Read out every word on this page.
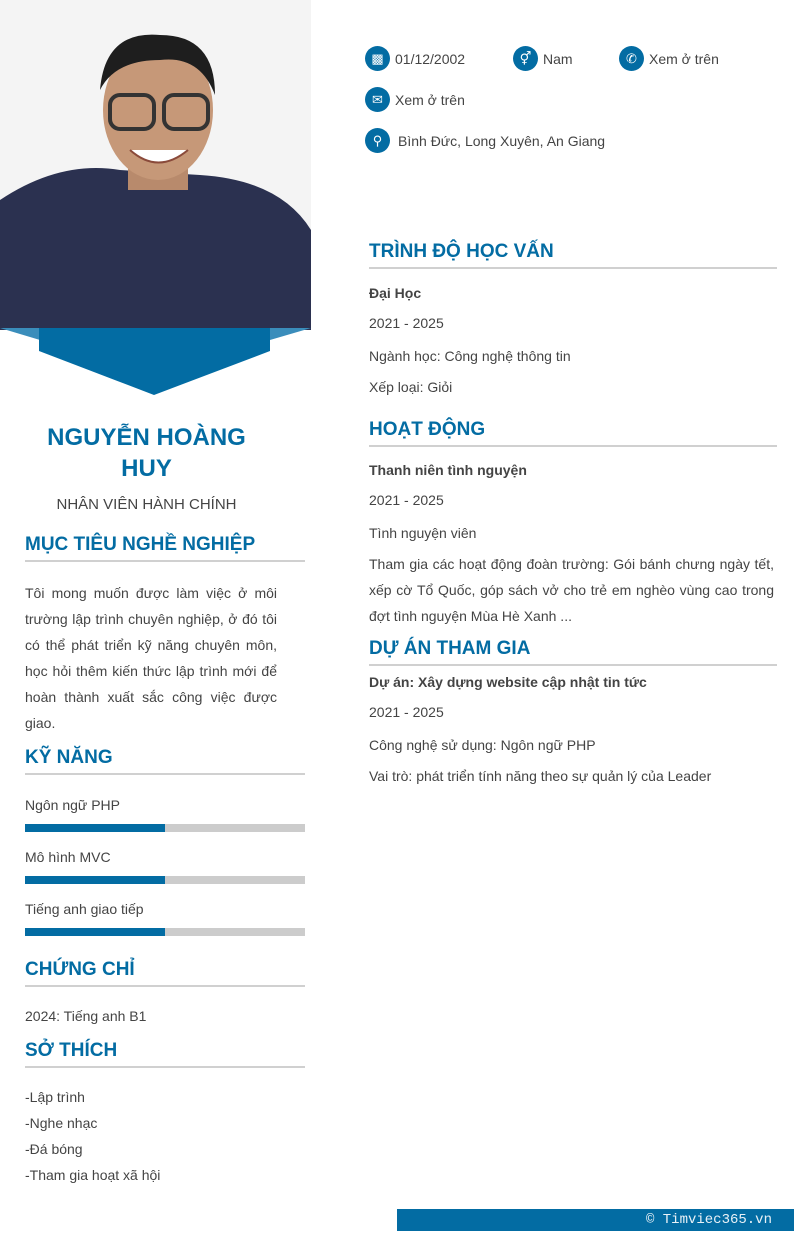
NGUYỄN HOÀNG HUY
NHÂN VIÊN HÀNH CHÍNH
MỤC TIÊU NGHỀ NGHIỆP
Tôi mong muốn được làm việc ở môi trường lập trình chuyên nghiệp, ở đó tôi có thể phát triển kỹ năng chuyên môn, học hỏi thêm kiến thức lập trình mới để hoàn thành xuất sắc công việc được giao.
KỸ NĂNG
Ngôn ngữ PHP
Mô hình MVC
Tiếng anh giao tiếp
CHỨNG CHỈ
2024: Tiếng anh B1
SỞ THÍCH
-Lập trình
-Nghe nhạc
-Đá bóng
-Tham gia hoạt xã hội
▩ 01/12/2002	⚥ Nam	✆ Xem ở trên
✉ Xem ở trên
⚲	Bình Đức, Long Xuyên, An Giang
TRÌNH ĐỘ HỌC VẤN
Đại Học
2021 - 2025
Ngành học: Công nghệ thông tin
Xếp loại: Giỏi
HOẠT ĐỘNG
Thanh niên tình nguyện
2021 - 2025
Tình nguyện viên
Tham gia các hoạt động đoàn trường: Gói bánh chưng ngày tết, xếp cờ Tổ Quốc, góp sách vở cho trẻ em nghèo vùng cao trong đợt tình nguyện Mùa Hè Xanh ...
DỰ ÁN THAM GIA
Dự án: Xây dựng website cập nhật tin tức
2021 - 2025
Công nghệ sử dụng: Ngôn ngữ PHP
Vai trò: phát triển tính năng theo sự quản lý của Leader
© Timviec365.vn
